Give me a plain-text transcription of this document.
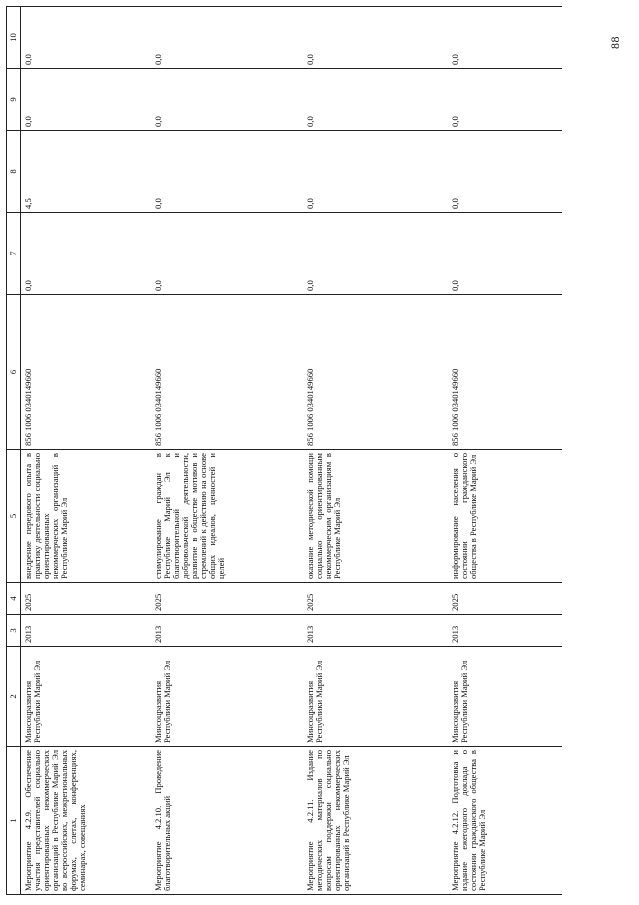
88
1	2	3	4	5	6	7	8	9	10
Мероприятие 4.2.9. Обеспечение участия представителей социально ориентированных некоммерческих организаций в Республике Марий Эл во всероссийских, межрегиональных форумах, слетах, конференциях, семинарах, совещаниях	Минсоцразвития Республики Марий Эл	2013	2025	внедрение передового опыта в практику деятельности социально ориентированных некоммерческих организаций в Республике Марий Эл	856 1006 0340149660	0,0	4,5	0,0	0,0
Мероприятие 4.2.10. Проведение благотворительных акций	Минсоцразвития Республики Марий Эл	2013	2025	стимулирование граждан в Республике Марий Эл к благотворительной и добровольческой деятельности, развитие в обществе мотивов и стремлений к действию на основе общих идеалов, ценностей и целей	856 1006 0340149660	0,0	0,0	0,0	0,0
Мероприятие 4.2.11. Издание методических материалов по вопросам поддержки социально ориентированных некоммерческих организаций в Республике Марий Эл	Минсоцразвития Республики Марий Эл	2013	2025	оказание методической помощи социально ориентированным некоммерческим организациям в Республике Марий Эл	856 1006 0340149660	0,0	0,0	0,0	0,0
Мероприятие 4.2.12. Подготовка и издание ежегодного доклада о состоянии гражданского общества в Республике Марий Эл	Минсоцразвития Республики Марий Эл	2013	2025	информирование населения о состоянии гражданского общества в Республике Марий Эл	856 1006 0340149660	0,0	0,0	0,0	0,0
